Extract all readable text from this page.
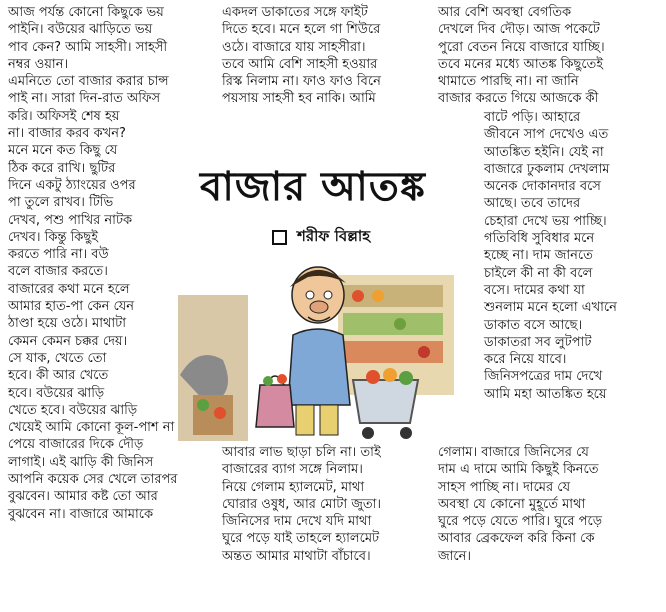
আজ পর্যন্ত কোনো কিছুকে ভয়
পাইনি। বউয়ের ঝাড়িতে ভয়
পাব কেন? আমি সাহসী। সাহসী
নম্বর ওয়ান।
এমনিতে তো বাজার করার চান্স
পাই না। সারা দিন-রাত অফিস
করি। অফিসই শেষ হয়
না। বাজার করব কখন?
মনে মনে কত কিছু যে
ঠিক করে রাখি। ছুটির
দিনে একটু ঠ্যাংয়ের ওপর
পা তুলে রাখব। টিভি
দেখব, পশু পাখির নাটক
দেখব। কিন্তু কিছুই
করতে পারি না। বউ
বলে বাজার করতে।
বাজারের কথা মনে হলে
আমার হাত-পা কেন যেন
ঠাণ্ডা হয়ে ওঠে। মাথাটা
কেমন কেমন চক্কর দেয়।
সে যাক, খেতে তো
হবে। কী আর খেতে
হবে। বউয়ের ঝাড়ি
খেতে হবে। বউয়ের ঝাড়ি
খেয়েই আমি কোনো কূল-পাশ না
পেয়ে বাজারের দিকে দৌড়
লাগাই। এই ঝাড়ি কী জিনিস
আপনি কয়েক সের খেলে তারপর
বুঝবেন। আমার কষ্ট তো আর
বুঝবেন না। বাজারে আমাকে
একদল ডাকাতের সঙ্গে ফাইট
দিতে হবে। মনে হলে গা শিউরে
ওঠে। বাজারে যায় সাহসীরা।
তবে আমি বেশি সাহসী হওয়ার
রিস্ক নিলাম না। ফাও ফাও বিনে
পয়সায় সাহসী হব নাকি। আমি
আর বেশি অবস্থা বেগতিক
দেখলে দিব দৌড়। আজ পকেটে
পুরো বেতন নিয়ে বাজারে যাচ্ছি।
তবে মনের মধ্যে আতঙ্ক কিছুতেই
থামাতে পারছি না। না জানি
বাজার করতে গিয়ে আজকে কী
বাটে পড়ি। আহারে
জীবনে সাপ দেখেও এত
আতঙ্কিত হইনি। যেই না
বাজারে ঢুকলাম দেখলাম
অনেক দোকানদার বসে
আছে। তবে তাদের
চেহারা দেখে ভয় পাচ্ছি।
গতিবিধি সুবিধার মনে
হচ্ছে না। দাম জানতে
চাইলে কী না কী বলে
বসে। দামের কথা যা
শুনলাম মনে হলো এখানে
ডাকাত বসে আছে।
ডাকাতরা সব লুটপাট
করে নিয়ে যাবে।
জিনিসপত্রের দাম দেখে
আমি মহা আতঙ্কিত হয়ে
বাজার আতঙ্ক
শরীফ বিল্লাহ
আবার লাভ ছাড়া চলি না। তাই
বাজারের ব্যাগ সঙ্গে নিলাম।
নিয়ে গেলাম হ্যালমেট, মাথা
ঘোরার ওষুধ, আর মোটা জুতা।
জিনিসের দাম দেখে যদি মাথা
ঘুরে পড়ে যাই তাহলে হ্যালমেট
অন্তত আমার মাথাটা বাঁচাবে।
গেলাম। বাজারে জিনিসের যে
দাম এ দামে আমি কিছুই কিনতে
সাহস পাচ্ছি না। দামের যে
অবস্থা যে কোনো মুহূর্তে মাথা
ঘুরে পড়ে যেতে পারি। ঘুরে পড়ে
আবার ব্রেকফেল করি কিনা কে
জানে।
